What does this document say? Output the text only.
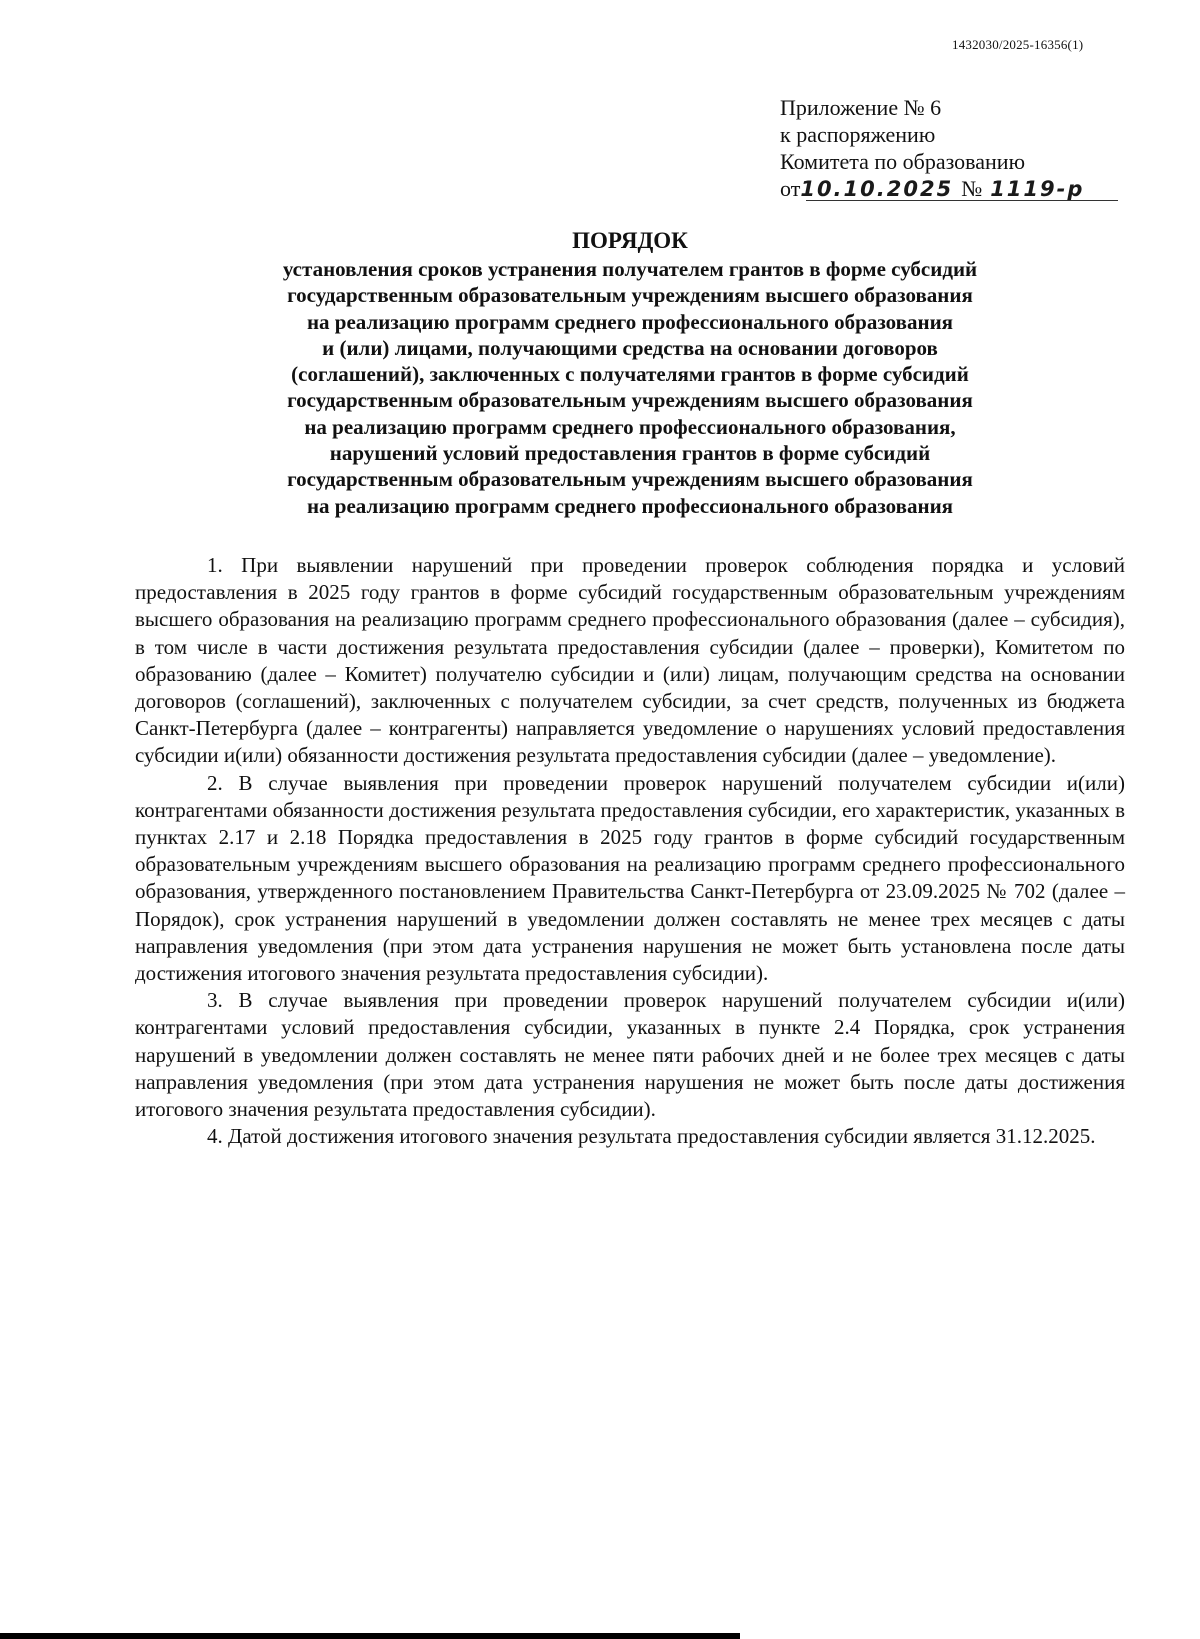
1432030/2025-16356(1)
Приложение № 6
к распоряжению
Комитета по образованию
от10.10.2025 № 1119-р
ПОРЯДОК
установления сроков устранения получателем грантов в форме субсидий
государственным образовательным учреждениям высшего образования
на реализацию программ среднего профессионального образования
и (или) лицами, получающими средства на основании договоров
(соглашений), заключенных с получателями грантов в форме субсидий
государственным образовательным учреждениям высшего образования
на реализацию программ среднего профессионального образования,
нарушений условий предоставления грантов в форме субсидий
государственным образовательным учреждениям высшего образования
на реализацию программ среднего профессионального образования

1. При выявлении нарушений при проведении проверок соблюдения порядка и условий предоставления в 2025 году грантов в форме субсидий государственным образовательным учреждениям высшего образования на реализацию программ среднего профессионального образования (далее – субсидия), в том числе в части достижения результата предоставления субсидии (далее – проверки), Комитетом по образованию (далее – Комитет) получателю субсидии и (или) лицам, получающим средства на основании договоров (соглашений), заключенных с получателем субсидии, за счет средств, полученных из бюджета Санкт-Петербурга (далее – контрагенты) направляется уведомление о нарушениях условий предоставления субсидии и(или) обязанности достижения результата предоставления субсидии (далее – уведомление).

2. В случае выявления при проведении проверок нарушений получателем субсидии и(или) контрагентами обязанности достижения результата предоставления субсидии, его характеристик, указанных в пунктах 2.17 и 2.18 Порядка предоставления в 2025 году грантов в форме субсидий государственным образовательным учреждениям высшего образования на реализацию программ среднего профессионального образования, утвержденного постановлением Правительства Санкт-Петербурга от 23.09.2025 № 702 (далее – Порядок), срок устранения нарушений в уведомлении должен составлять не менее трех месяцев с даты направления уведомления (при этом дата устранения нарушения не может быть установлена после даты достижения итогового значения результата предоставления субсидии).

3. В случае выявления при проведении проверок нарушений получателем субсидии и(или) контрагентами условий предоставления субсидии, указанных в пункте 2.4 Порядка, срок устранения нарушений в уведомлении должен составлять не менее пяти рабочих дней и не более трех месяцев с даты направления уведомления (при этом дата устранения нарушения не может быть после даты достижения итогового значения результата предоставления субсидии).

4. Датой достижения итогового значения результата предоставления субсидии является 31.12.2025.
